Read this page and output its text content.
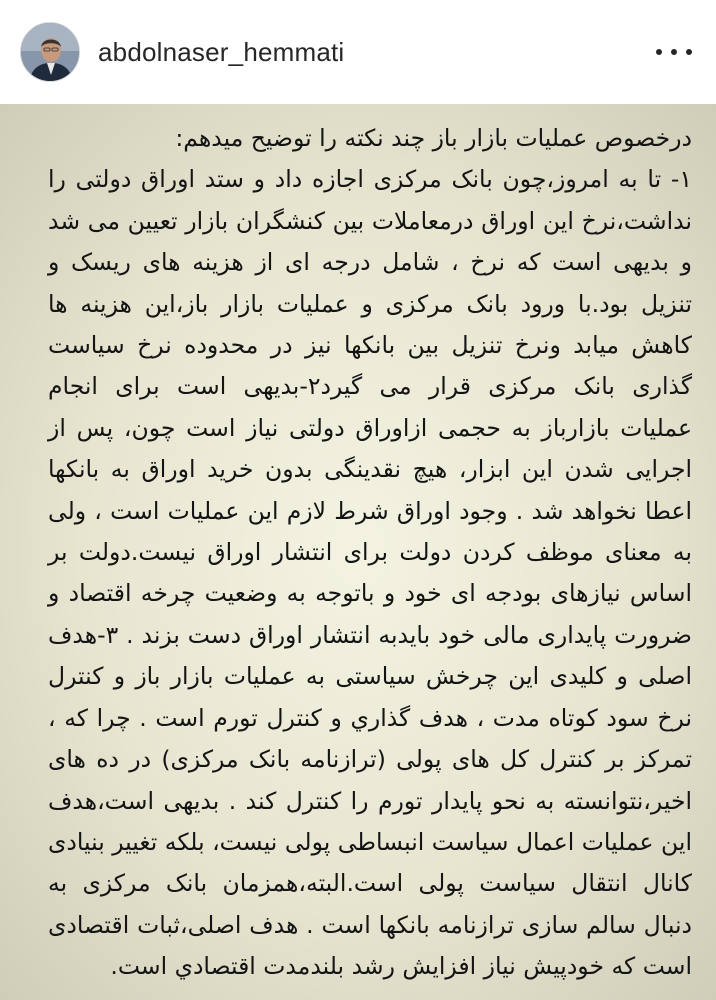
abdolnaser_hemmati
درخصوص عملیات بازار باز چند نکته را توضیح میدهم:
۱- تا به امروز،چون بانک مرکزی اجازه داد و ستد اوراق دولتی را نداشت،نرخ این اوراق درمعاملات بین کنشگران بازار تعیین می شد و بدیهی است که نرخ ، شامل درجه ای از هزینه های ریسک و تنزیل بود.با ورود بانک مرکزی و عملیات بازار باز،این هزینه ها کاهش میابد ونرخ تنزیل بین بانکها نیز در محدوده نرخ سیاست گذاری بانک مرکزی قرار می گیرد۲-بدیهی است برای انجام عملیات بازارباز به حجمی ازاوراق دولتی نیاز است چون، پس از اجرایی شدن این ابزار، هیچ نقدینگی بدون خرید اوراق به بانکها اعطا نخواهد شد . وجود اوراق شرط لازم این عملیات است ، ولی به معنای موظف کردن دولت برای انتشار اوراق نیست.دولت بر اساس نیازهای بودجه ای خود و باتوجه به وضعیت چرخه اقتصاد و ضرورت پایداری مالی خود بایدبه انتشار اوراق دست بزند . ۳-هدف اصلی و کلیدی این چرخش سیاستی به عملیات بازار باز و کنترل نرخ سود کوتاه مدت ، هدف گذاري و کنترل تورم است . چرا که ، تمرکز بر کنترل کل های پولی (ترازنامه بانک مرکزی) در ده های اخیر،نتوانسته به نحو پایدار تورم را کنترل کند . بدیهی است،هدف این عملیات اعمال سیاست انبساطی پولی نیست، بلکه تغییر بنیادی کانال انتقال سیاست پولی است.البته،همزمان بانک مرکزی به دنبال سالم سازی ترازنامه بانکها است . هدف اصلی،ثبات اقتصادی است که خودپیش نیاز افزایش رشد بلندمدت اقتصادي است.
